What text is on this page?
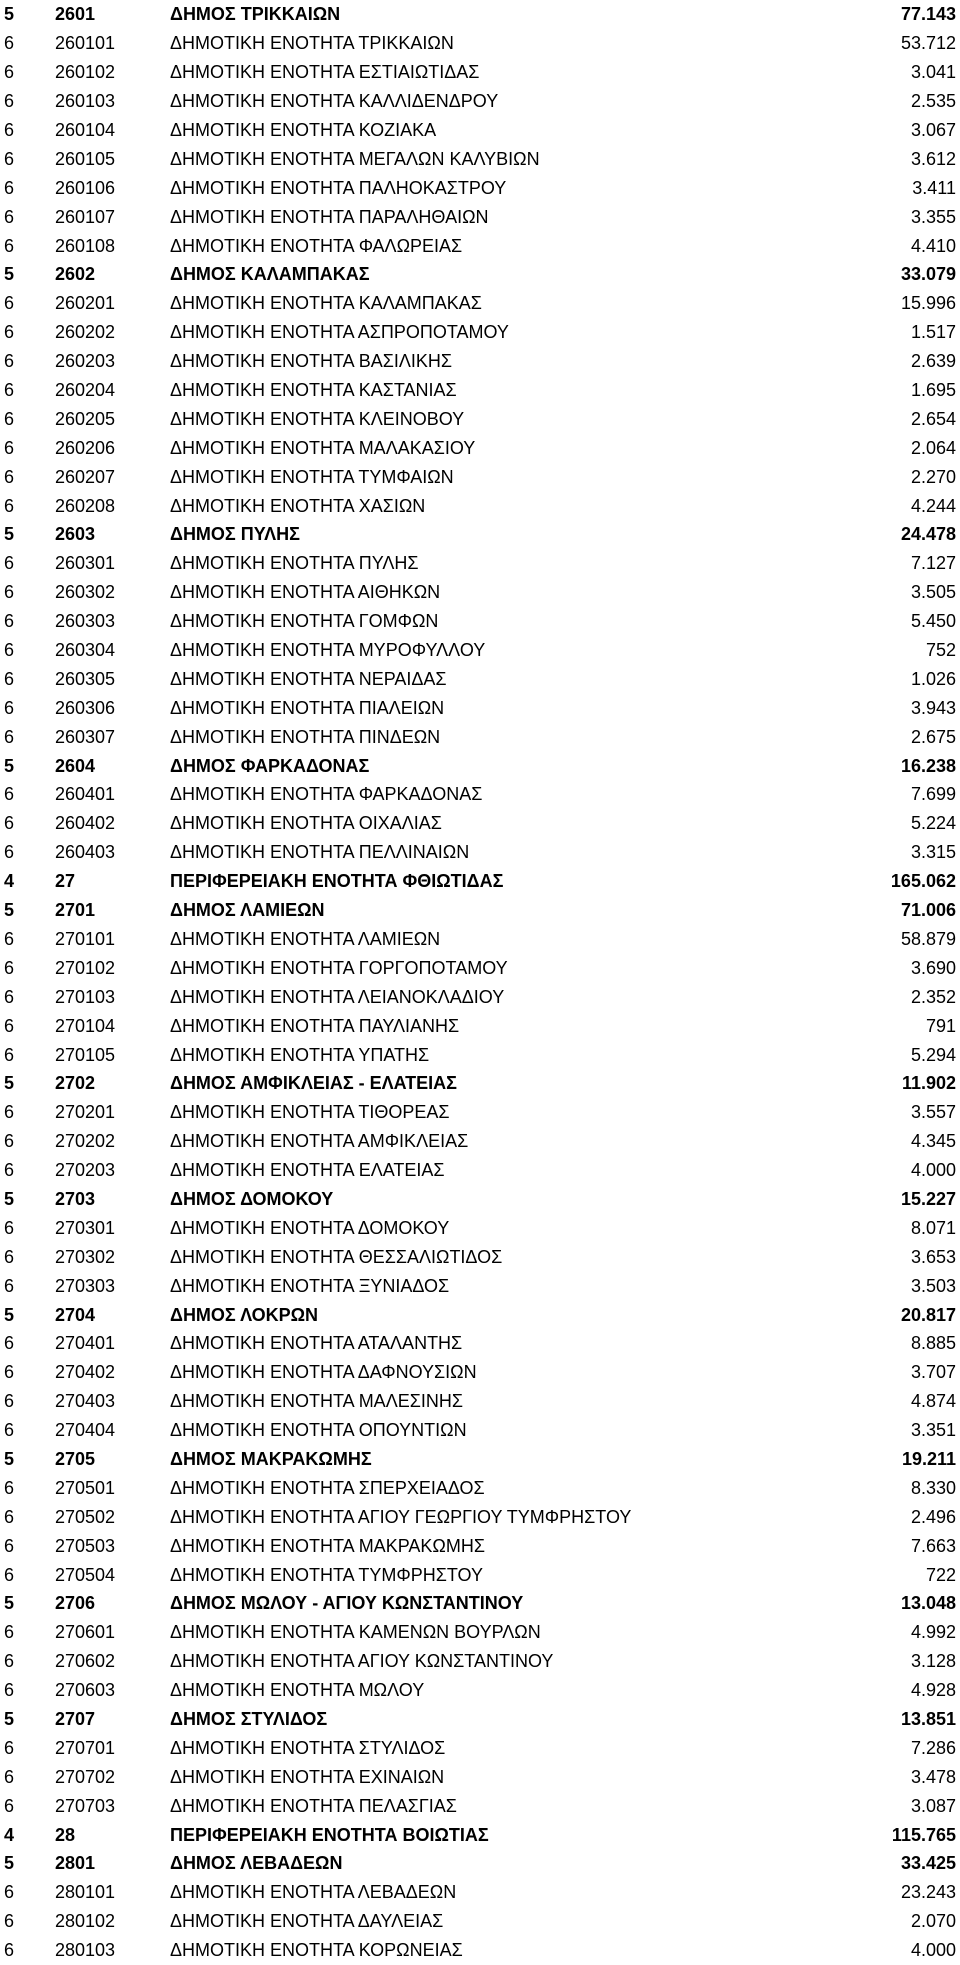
5	2601	ΔΗΜΟΣ ΤΡΙΚΚΑΙΩΝ	77.143
6	260101	ΔΗΜΟΤΙΚΗ ΕΝΟΤΗΤΑ ΤΡΙΚΚΑΙΩΝ	53.712
6	260102	ΔΗΜΟΤΙΚΗ ΕΝΟΤΗΤΑ ΕΣΤΙΑΙΩΤΙΔΑΣ	3.041
6	260103	ΔΗΜΟΤΙΚΗ ΕΝΟΤΗΤΑ ΚΑΛΛΙΔΕΝΔΡΟΥ	2.535
6	260104	ΔΗΜΟΤΙΚΗ ΕΝΟΤΗΤΑ ΚΟΖΙΑΚΑ	3.067
6	260105	ΔΗΜΟΤΙΚΗ ΕΝΟΤΗΤΑ ΜΕΓΑΛΩΝ ΚΑΛΥΒΙΩΝ	3.612
6	260106	ΔΗΜΟΤΙΚΗ ΕΝΟΤΗΤΑ ΠΑΛΗΟΚΑΣΤΡΟΥ	3.411
6	260107	ΔΗΜΟΤΙΚΗ ΕΝΟΤΗΤΑ ΠΑΡΑΛΗΘΑΙΩΝ	3.355
6	260108	ΔΗΜΟΤΙΚΗ ΕΝΟΤΗΤΑ ΦΑΛΩΡΕΙΑΣ	4.410
5	2602	ΔΗΜΟΣ ΚΑΛΑΜΠΑΚΑΣ	33.079
6	260201	ΔΗΜΟΤΙΚΗ ΕΝΟΤΗΤΑ ΚΑΛΑΜΠΑΚΑΣ	15.996
6	260202	ΔΗΜΟΤΙΚΗ ΕΝΟΤΗΤΑ ΑΣΠΡΟΠΟΤΑΜΟΥ	1.517
6	260203	ΔΗΜΟΤΙΚΗ ΕΝΟΤΗΤΑ ΒΑΣΙΛΙΚΗΣ	2.639
6	260204	ΔΗΜΟΤΙΚΗ ΕΝΟΤΗΤΑ ΚΑΣΤΑΝΙΑΣ	1.695
6	260205	ΔΗΜΟΤΙΚΗ ΕΝΟΤΗΤΑ ΚΛΕΙΝΟΒΟΥ	2.654
6	260206	ΔΗΜΟΤΙΚΗ ΕΝΟΤΗΤΑ ΜΑΛΑΚΑΣΙΟΥ	2.064
6	260207	ΔΗΜΟΤΙΚΗ ΕΝΟΤΗΤΑ ΤΥΜΦΑΙΩΝ	2.270
6	260208	ΔΗΜΟΤΙΚΗ ΕΝΟΤΗΤΑ ΧΑΣΙΩΝ	4.244
5	2603	ΔΗΜΟΣ ΠΥΛΗΣ	24.478
6	260301	ΔΗΜΟΤΙΚΗ ΕΝΟΤΗΤΑ ΠΥΛΗΣ	7.127
6	260302	ΔΗΜΟΤΙΚΗ ΕΝΟΤΗΤΑ ΑΙΘΗΚΩΝ	3.505
6	260303	ΔΗΜΟΤΙΚΗ ΕΝΟΤΗΤΑ ΓΟΜΦΩΝ	5.450
6	260304	ΔΗΜΟΤΙΚΗ ΕΝΟΤΗΤΑ ΜΥΡΟΦΥΛΛΟΥ	752
6	260305	ΔΗΜΟΤΙΚΗ ΕΝΟΤΗΤΑ ΝΕΡΑΙΔΑΣ	1.026
6	260306	ΔΗΜΟΤΙΚΗ ΕΝΟΤΗΤΑ ΠΙΑΛΕΙΩΝ	3.943
6	260307	ΔΗΜΟΤΙΚΗ ΕΝΟΤΗΤΑ ΠΙΝΔΕΩΝ	2.675
5	2604	ΔΗΜΟΣ ΦΑΡΚΑΔΟΝΑΣ	16.238
6	260401	ΔΗΜΟΤΙΚΗ ΕΝΟΤΗΤΑ ΦΑΡΚΑΔΟΝΑΣ	7.699
6	260402	ΔΗΜΟΤΙΚΗ ΕΝΟΤΗΤΑ ΟΙΧΑΛΙΑΣ	5.224
6	260403	ΔΗΜΟΤΙΚΗ ΕΝΟΤΗΤΑ ΠΕΛΛΙΝΑΙΩΝ	3.315
4	27	ΠΕΡΙΦΕΡΕΙΑΚΗ ΕΝΟΤΗΤΑ ΦΘΙΩΤΙΔΑΣ	165.062
5	2701	ΔΗΜΟΣ ΛΑΜΙΕΩΝ	71.006
6	270101	ΔΗΜΟΤΙΚΗ ΕΝΟΤΗΤΑ ΛΑΜΙΕΩΝ	58.879
6	270102	ΔΗΜΟΤΙΚΗ ΕΝΟΤΗΤΑ ΓΟΡΓΟΠΟΤΑΜΟΥ	3.690
6	270103	ΔΗΜΟΤΙΚΗ ΕΝΟΤΗΤΑ ΛΕΙΑΝΟΚΛΑΔΙΟΥ	2.352
6	270104	ΔΗΜΟΤΙΚΗ ΕΝΟΤΗΤΑ ΠΑΥΛΙΑΝΗΣ	791
6	270105	ΔΗΜΟΤΙΚΗ ΕΝΟΤΗΤΑ ΥΠΑΤΗΣ	5.294
5	2702	ΔΗΜΟΣ ΑΜΦΙΚΛΕΙΑΣ - ΕΛΑΤΕΙΑΣ	11.902
6	270201	ΔΗΜΟΤΙΚΗ ΕΝΟΤΗΤΑ ΤΙΘΟΡΕΑΣ	3.557
6	270202	ΔΗΜΟΤΙΚΗ ΕΝΟΤΗΤΑ ΑΜΦΙΚΛΕΙΑΣ	4.345
6	270203	ΔΗΜΟΤΙΚΗ ΕΝΟΤΗΤΑ ΕΛΑΤΕΙΑΣ	4.000
5	2703	ΔΗΜΟΣ ΔΟΜΟΚΟΥ	15.227
6	270301	ΔΗΜΟΤΙΚΗ ΕΝΟΤΗΤΑ ΔΟΜΟΚΟΥ	8.071
6	270302	ΔΗΜΟΤΙΚΗ ΕΝΟΤΗΤΑ ΘΕΣΣΑΛΙΩΤΙΔΟΣ	3.653
6	270303	ΔΗΜΟΤΙΚΗ ΕΝΟΤΗΤΑ ΞΥΝΙΑΔΟΣ	3.503
5	2704	ΔΗΜΟΣ ΛΟΚΡΩΝ	20.817
6	270401	ΔΗΜΟΤΙΚΗ ΕΝΟΤΗΤΑ ΑΤΑΛΑΝΤΗΣ	8.885
6	270402	ΔΗΜΟΤΙΚΗ ΕΝΟΤΗΤΑ ΔΑΦΝΟΥΣΙΩΝ	3.707
6	270403	ΔΗΜΟΤΙΚΗ ΕΝΟΤΗΤΑ ΜΑΛΕΣΙΝΗΣ	4.874
6	270404	ΔΗΜΟΤΙΚΗ ΕΝΟΤΗΤΑ ΟΠΟΥΝΤΙΩΝ	3.351
5	2705	ΔΗΜΟΣ ΜΑΚΡΑΚΩΜΗΣ	19.211
6	270501	ΔΗΜΟΤΙΚΗ ΕΝΟΤΗΤΑ ΣΠΕΡΧΕΙΑΔΟΣ	8.330
6	270502	ΔΗΜΟΤΙΚΗ ΕΝΟΤΗΤΑ ΑΓΙΟΥ ΓΕΩΡΓΙΟΥ ΤΥΜΦΡΗΣΤΟΥ	2.496
6	270503	ΔΗΜΟΤΙΚΗ ΕΝΟΤΗΤΑ ΜΑΚΡΑΚΩΜΗΣ	7.663
6	270504	ΔΗΜΟΤΙΚΗ ΕΝΟΤΗΤΑ ΤΥΜΦΡΗΣΤΟΥ	722
5	2706	ΔΗΜΟΣ ΜΩΛΟΥ - ΑΓΙΟΥ ΚΩΝΣΤΑΝΤΙΝΟΥ	13.048
6	270601	ΔΗΜΟΤΙΚΗ ΕΝΟΤΗΤΑ ΚΑΜΕΝΩΝ ΒΟΥΡΛΩΝ	4.992
6	270602	ΔΗΜΟΤΙΚΗ ΕΝΟΤΗΤΑ ΑΓΙΟΥ ΚΩΝΣΤΑΝΤΙΝΟΥ	3.128
6	270603	ΔΗΜΟΤΙΚΗ ΕΝΟΤΗΤΑ ΜΩΛΟΥ	4.928
5	2707	ΔΗΜΟΣ ΣΤΥΛΙΔΟΣ	13.851
6	270701	ΔΗΜΟΤΙΚΗ ΕΝΟΤΗΤΑ ΣΤΥΛΙΔΟΣ	7.286
6	270702	ΔΗΜΟΤΙΚΗ ΕΝΟΤΗΤΑ ΕΧΙΝΑΙΩΝ	3.478
6	270703	ΔΗΜΟΤΙΚΗ ΕΝΟΤΗΤΑ ΠΕΛΑΣΓΙΑΣ	3.087
4	28	ΠΕΡΙΦΕΡΕΙΑΚΗ ΕΝΟΤΗΤΑ ΒΟΙΩΤΙΑΣ	115.765
5	2801	ΔΗΜΟΣ ΛΕΒΑΔΕΩΝ	33.425
6	280101	ΔΗΜΟΤΙΚΗ ΕΝΟΤΗΤΑ ΛΕΒΑΔΕΩΝ	23.243
6	280102	ΔΗΜΟΤΙΚΗ ΕΝΟΤΗΤΑ ΔΑΥΛΕΙΑΣ	2.070
6	280103	ΔΗΜΟΤΙΚΗ ΕΝΟΤΗΤΑ ΚΟΡΩΝΕΙΑΣ	4.000
